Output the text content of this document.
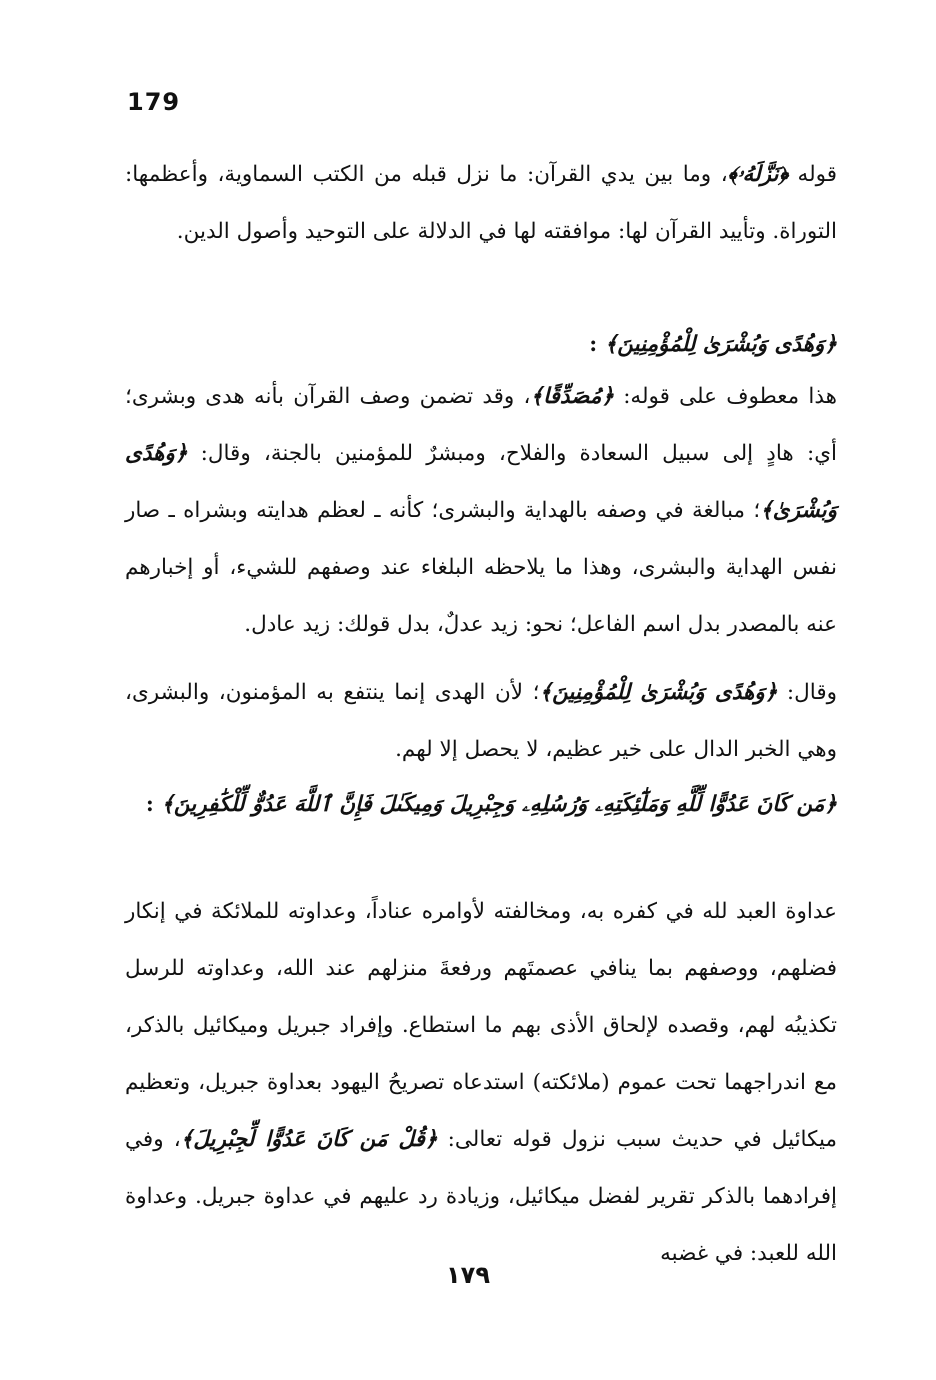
179

قوله ﴿نَزَّلَهُۥ﴾، وما بين يدي القرآن: ما نزل قبله من الكتب السماوية، وأعظمها: التوراة. وتأييد القرآن لها: موافقته لها في الدلالة على التوحيد وأصول الدين.

﴿وَهُدًى وَبُشْرَىٰ لِلْمُؤْمِنِينَ﴾ :

هذا معطوف على قوله: ﴿مُصَدِّقًا﴾، وقد تضمن وصف القرآن بأنه هدى وبشرى؛ أي: هادٍ إلى سبيل السعادة والفلاح، ومبشرٌ للمؤمنين بالجنة، وقال: ﴿وَهُدًى وَبُشْرَىٰ﴾؛ مبالغة في وصفه بالهداية والبشرى؛ كأنه ـ لعظم هدايته وبشراه ـ صار نفس الهداية والبشرى، وهذا ما يلاحظه البلغاء عند وصفهم للشيء، أو إخبارهم عنه بالمصدر بدل اسم الفاعل؛ نحو: زيد عدلٌ، بدل قولك: زيد عادل.

وقال: ﴿وَهُدًى وَبُشْرَىٰ لِلْمُؤْمِنِينَ﴾؛ لأن الهدى إنما ينتفع به المؤمنون، والبشرى، وهي الخبر الدال على خير عظيم، لا يحصل إلا لهم.

﴿مَن كَانَ عَدُوًّا لِّلَّهِ وَمَلَٰٓئِكَتِهِۦ وَرُسُلِهِۦ وَجِبْرِيلَ وَمِيكَىٰلَ فَإِنَّ ٱللَّهَ عَدُوٌّ لِّلْكَٰفِرِينَ﴾ :

عداوة العبد لله في كفره به، ومخالفته لأوامره عناداً، وعداوته للملائكة في إنكار فضلهم، ووصفهم بما ينافي عصمتَهم ورفعةَ منزلهم عند الله، وعداوته للرسل تكذيبُه لهم، وقصده لإلحاق الأذى بهم ما استطاع. وإفراد جبريل وميكائيل بالذكر، مع اندراجهما تحت عموم (ملائكته) استدعاه تصريحُ اليهود بعداوة جبريل، وتعظيم ميكائيل في حديث سبب نزول قوله تعالى: ﴿قُلْ مَن كَانَ عَدُوًّا لِّجِبْرِيلَ﴾، وفي إفرادهما بالذكر تقرير لفضل ميكائيل، وزيادة رد عليهم في عداوة جبريل. وعداوة الله للعبد: في غضبه

١٧٩
